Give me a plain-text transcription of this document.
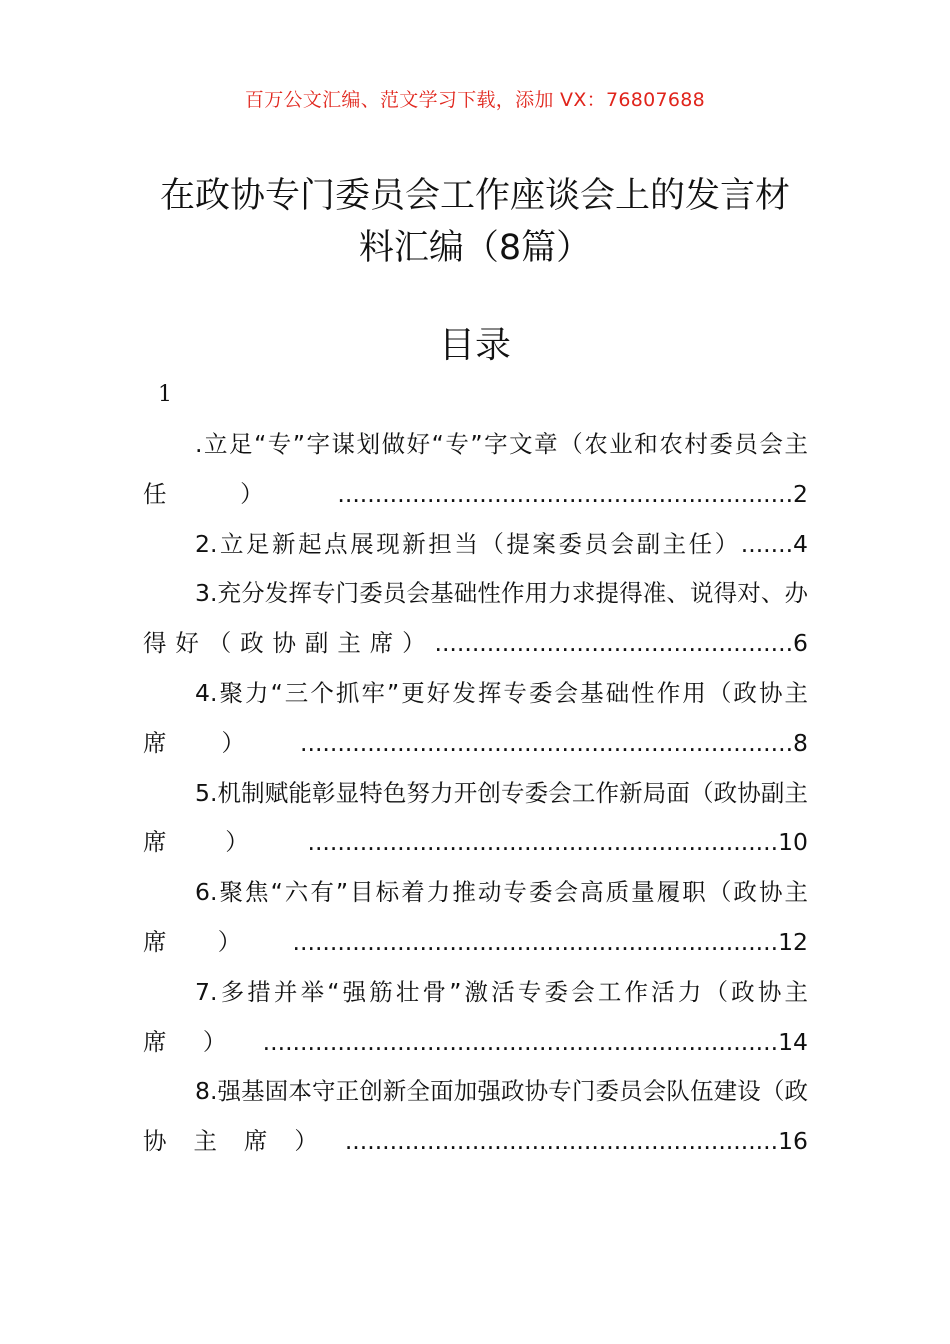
百万公文汇编、范文学习下载，添加 VX：76807688
在政协专门委员会工作座谈会上的发言材
料汇编（8篇）
目录
1
.立足“专”字谋划做好“专”字文章（农业和农村委员会主任）.............................................................2
2.立足新起点展现新担当（提案委员会副主任）.......4
3.充分发挥专门委员会基础性作用力求提得准、说得对、办得好（政协副主席）................................................6
4.聚力“三个抓牢”更好发挥专委会基础性作用（政协主席）..................................................................8
5.机制赋能彰显特色努力开创专委会工作新局面（政协副主席）...............................................................10
6.聚焦“六有”目标着力推动专委会高质量履职（政协主席）.................................................................12
7.多措并举“强筋壮骨”激活专委会工作活力（政协主席）.....................................................................14
8.强基固本守正创新全面加强政协专门委员会队伍建设（政协主席）..........................................................16
